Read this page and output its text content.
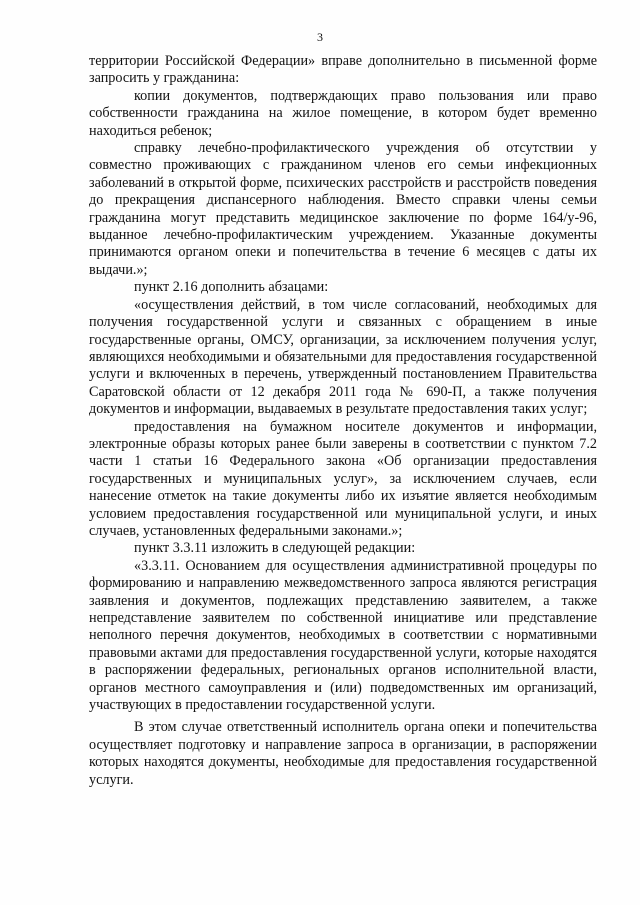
3

территории Российской Федерации» вправе дополнительно в письменной форме запросить у гражданина:

копии документов, подтверждающих право пользования или право собственности гражданина на жилое помещение, в котором будет временно находиться ребенок;

справку лечебно-профилактического учреждения об отсутствии у совместно проживающих с гражданином членов его семьи инфекционных заболеваний в открытой форме, психических расстройств и расстройств поведения до прекращения диспансерного наблюдения. Вместо справки члены семьи гражданина могут представить медицинское заключение по форме 164/у-96, выданное лечебно-профилактическим учреждением. Указанные документы принимаются органом опеки и попечительства в течение 6 месяцев с даты их выдачи.»;

пункт 2.16 дополнить абзацами:

«осуществления действий, в том числе согласований, необходимых для получения государственной услуги и связанных с обращением в иные государственные органы, ОМСУ, организации, за исключением получения услуг, являющихся необходимыми и обязательными для предоставления государственной услуги и включенных в перечень, утвержденный постановлением Правительства Саратовской области от 12 декабря 2011 года № 690-П, а также получения документов и информации, выдаваемых в результате предоставления таких услуг;

предоставления на бумажном носителе документов и информации, электронные образы которых ранее были заверены в соответствии с пунктом 7.2 части 1 статьи 16 Федерального закона «Об организации предоставления государственных и муниципальных услуг», за исключением случаев, если нанесение отметок на такие документы либо их изъятие является необходимым условием предоставления государственной или муниципальной услуги, и иных случаев, установленных федеральными законами.»;

пункт 3.3.11 изложить в следующей редакции:

«3.3.11. Основанием для осуществления административной процедуры по формированию и направлению межведомственного запроса являются регистрация заявления и документов, подлежащих представлению заявителем, а также непредставление заявителем по собственной инициативе или представление неполного перечня документов, необходимых в соответствии с нормативными правовыми актами для предоставления государственной услуги, которые находятся в распоряжении федеральных, региональных органов исполнительной власти, органов местного самоуправления и (или) подведомственных им организаций, участвующих в предоставлении государственной услуги.

В этом случае ответственный исполнитель органа опеки и попечительства осуществляет подготовку и направление запроса в организации, в распоряжении которых находятся документы, необходимые для предоставления государственной услуги.
